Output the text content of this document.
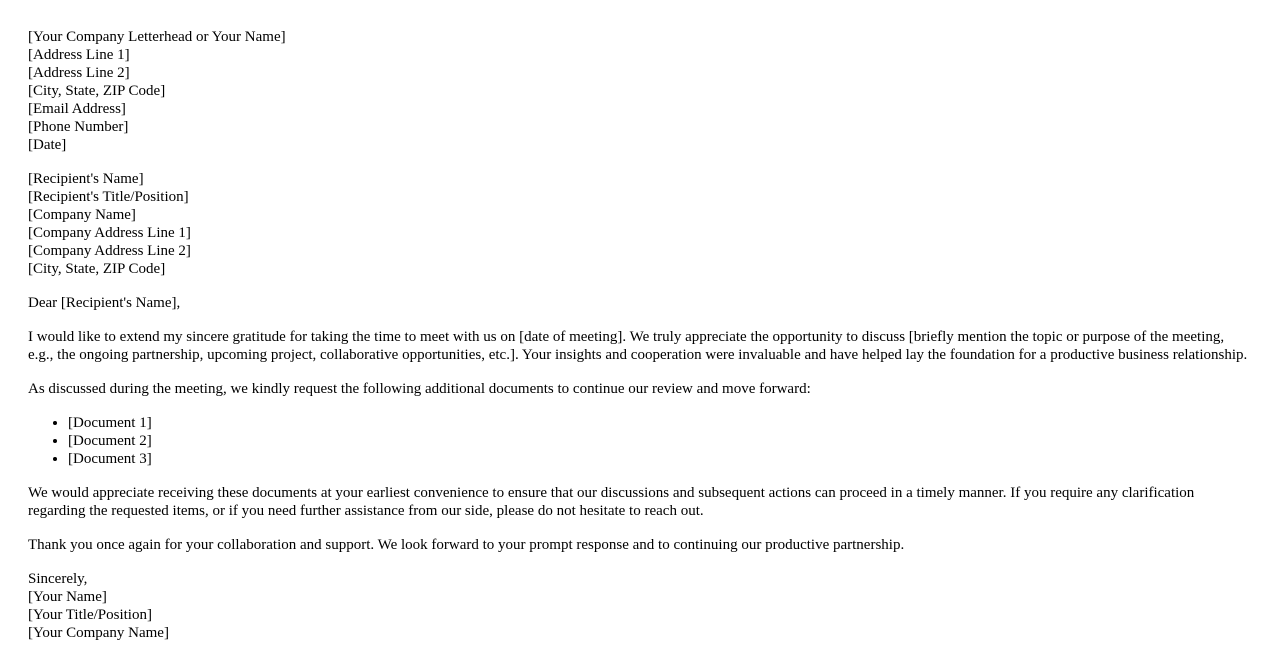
[Your Company Letterhead or Your Name]
[Address Line 1]
[Address Line 2]
[City, State, ZIP Code]
[Email Address]
[Phone Number]
[Date]
[Recipient's Name]
[Recipient's Title/Position]
[Company Name]
[Company Address Line 1]
[Company Address Line 2]
[City, State, ZIP Code]

Dear [Recipient's Name],

I would like to extend my sincere gratitude for taking the time to meet with us on [date of meeting]. We truly appreciate the opportunity to discuss [briefly mention the topic or purpose of the meeting, e.g., the ongoing partnership, upcoming project, collaborative opportunities, etc.]. Your insights and cooperation were invaluable and have helped lay the foundation for a productive business relationship.

As discussed during the meeting, we kindly request the following additional documents to continue our review and move forward:

• [Document 1]
• [Document 2]
• [Document 3]

We would appreciate receiving these documents at your earliest convenience to ensure that our discussions and subsequent actions can proceed in a timely manner. If you require any clarification regarding the requested items, or if you need further assistance from our side, please do not hesitate to reach out.

Thank you once again for your collaboration and support. We look forward to your prompt response and to continuing our productive partnership.

Sincerely,
[Your Name]
[Your Title/Position]
[Your Company Name]
